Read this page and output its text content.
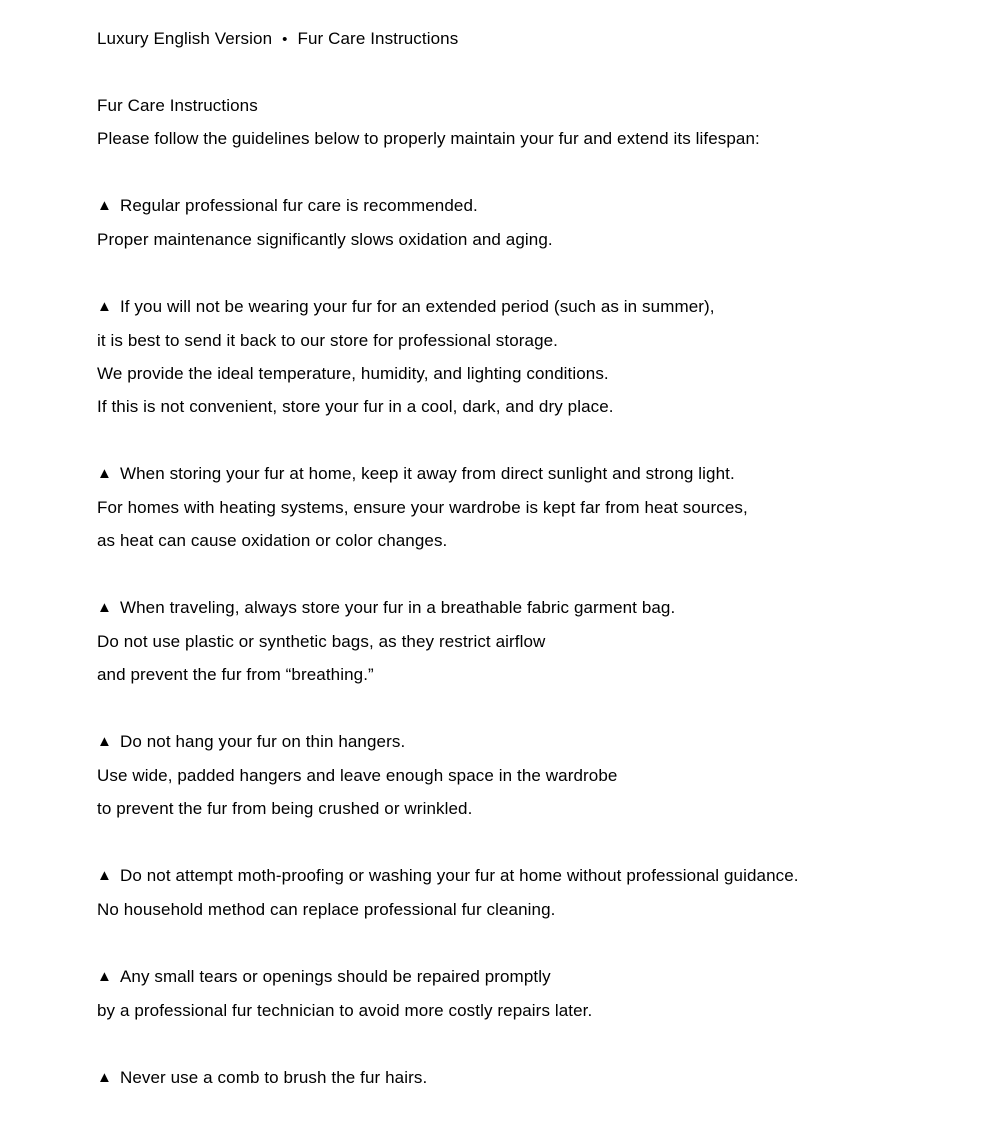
Luxury English Version • Fur Care Instructions

Fur Care Instructions

Please follow the guidelines below to properly maintain your fur and extend its lifespan:

▲ Regular professional fur care is recommended.

Proper maintenance significantly slows oxidation and aging.

▲ If you will not be wearing your fur for an extended period (such as in summer),

it is best to send it back to our store for professional storage.

We provide the ideal temperature, humidity, and lighting conditions.

If this is not convenient, store your fur in a cool, dark, and dry place.

▲ When storing your fur at home, keep it away from direct sunlight and strong light.

For homes with heating systems, ensure your wardrobe is kept far from heat sources,

as heat can cause oxidation or color changes.

▲ When traveling, always store your fur in a breathable fabric garment bag.

Do not use plastic or synthetic bags, as they restrict airflow

and prevent the fur from “breathing.”

▲ Do not hang your fur on thin hangers.

Use wide, padded hangers and leave enough space in the wardrobe

to prevent the fur from being crushed or wrinkled.

▲ Do not attempt moth-proofing or washing your fur at home without professional guidance.

No household method can replace professional fur cleaning.

▲ Any small tears or openings should be repaired promptly

by a professional fur technician to avoid more costly repairs later.

▲ Never use a comb to brush the fur hairs.
